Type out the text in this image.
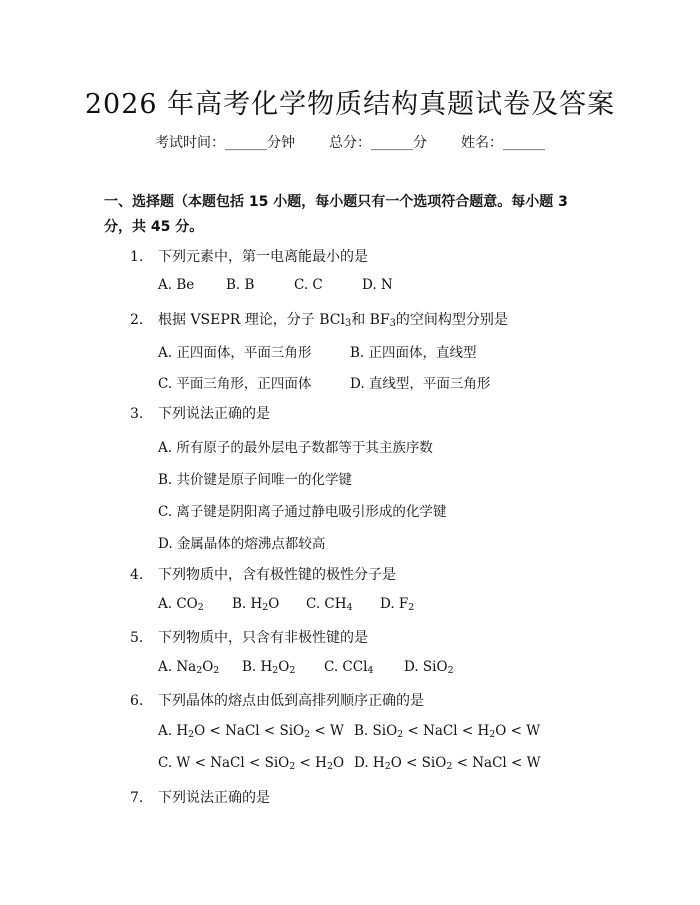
2026 年高考化学物质结构真题试卷及答案
考试时间：______分钟 总分：______分 姓名：______
一、选择题（本题包括 15 小题，每小题只有一个选项符合题意。每小题 3 分，共 45 分。
1. 下列元素中，第一电离能最小的是
A. Be B. B	C. C	D. N
2. 根据 VSEPR 理论，分子 BCl$_3$和 $BF_3$的空间构型分别是
A. 正四面体，平面三角形	B. 正四面体，直线型
C. 平面三角形，正四面体	D. 直线型，平面三角形
3. 下列说法正确的是
A. 所有原子的最外层电子数都等于其主族序数
B. 共价键是原子间唯一的化学键
C. 离子键是阴阳离子通过静电吸引形成的化学键
D. 金属晶体的熔沸点都较高
4. 下列物质中，含有极性键的极性分子是
A. $CO_2$ B. $H_2O$ C. $CH_4$ D. $F_2$
5. 下列物质中，只含有非极性键的是
A. $Na_2O_2$ B. $H_2O_2$ C. CCl$_4$ D. SiO$_2$
6. 下列晶体的熔点由低到高排列顺序正确的是
A. $H_2O$ < NaCl < SiO$_2$ < W B. SiO$_2$ < NaCl < $H_2O < W$
C. W < NaCl < $SiO_2 < H_2O$ D. $H_2O < SiO_2$ < NaCl < W
7. 下列说法正确的是
